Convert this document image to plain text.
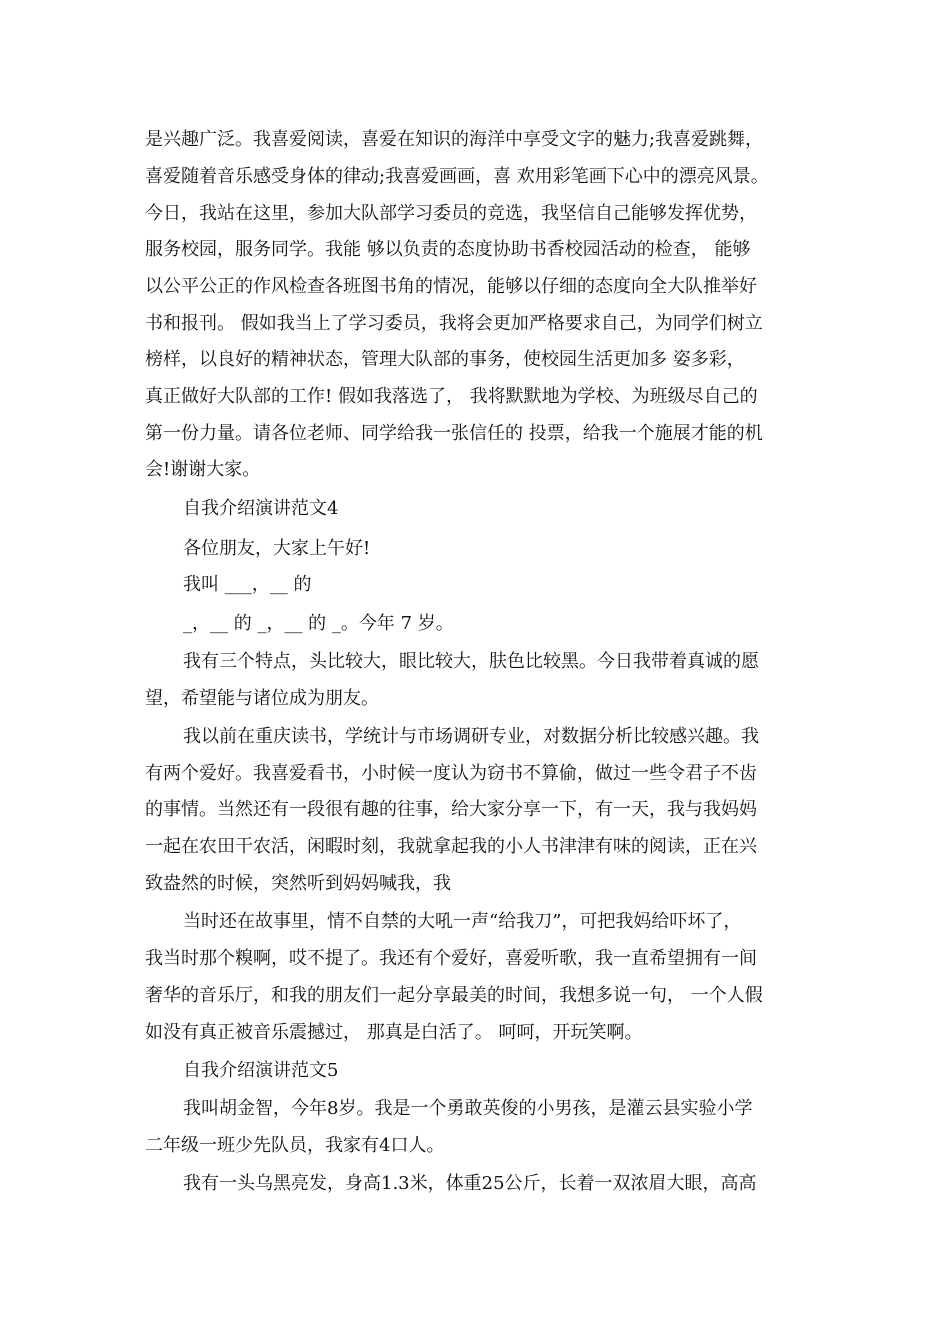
是兴趣广泛。我喜爱阅读，喜爱在知识的海洋中享受文字的魅力;我喜爱跳舞，
喜爱随着音乐感受身体的律动;我喜爱画画，喜 欢用彩笔画下心中的漂亮风景。
今日，我站在这里，参加大队部学习委员的竞选，我坚信自己能够发挥优势，
服务校园，服务同学。我能 够以负责的态度协助书香校园活动的检查， 能够
以公平公正的作风检查各班图书角的情况，能够以仔细的态度向全大队推举好
书和报刊。 假如我当上了学习委员，我将会更加严格要求自己，为同学们树立
榜样，以良好的精神状态，管理大队部的事务，使校园生活更加多 姿多彩，
真正做好大队部的工作! 假如我落选了， 我将默默地为学校、为班级尽自己的
第一份力量。请各位老师、同学给我一张信任的 投票，给我一个施展才能的机
会!谢谢大家。
自我介绍演讲范文4
各位朋友，大家上午好!
我叫 ___，__ 的
_，__ 的 _，__ 的 _。今年 7 岁。
我有三个特点，头比较大，眼比较大，肤色比较黑。今日我带着真诚的愿
望，希望能与诸位成为朋友。
我以前在重庆读书，学统计与市场调研专业，对数据分析比较感兴趣。我
有两个爱好。我喜爱看书，小时候一度认为窃书不算偷，做过一些令君子不齿
的事情。当然还有一段很有趣的往事，给大家分享一下，有一天，我与我妈妈
一起在农田干农活，闲暇时刻，我就拿起我的小人书津津有味的阅读，正在兴
致盎然的时候，突然听到妈妈喊我，我
当时还在故事里，情不自禁的大吼一声“给我刀”，可把我妈给吓坏了，
我当时那个糗啊，哎不提了。我还有个爱好，喜爱听歌，我一直希望拥有一间
奢华的音乐厅，和我的朋友们一起分享最美的时间，我想多说一句， 一个人假
如没有真正被音乐震撼过， 那真是白活了。 呵呵，开玩笑啊。
自我介绍演讲范文5
我叫胡金智，今年8岁。我是一个勇敢英俊的小男孩，是灌云县实验小学
二年级一班少先队员，我家有4口人。
我有一头乌黑亮发，身高1.3米，体重25公斤，长着一双浓眉大眼，高高
